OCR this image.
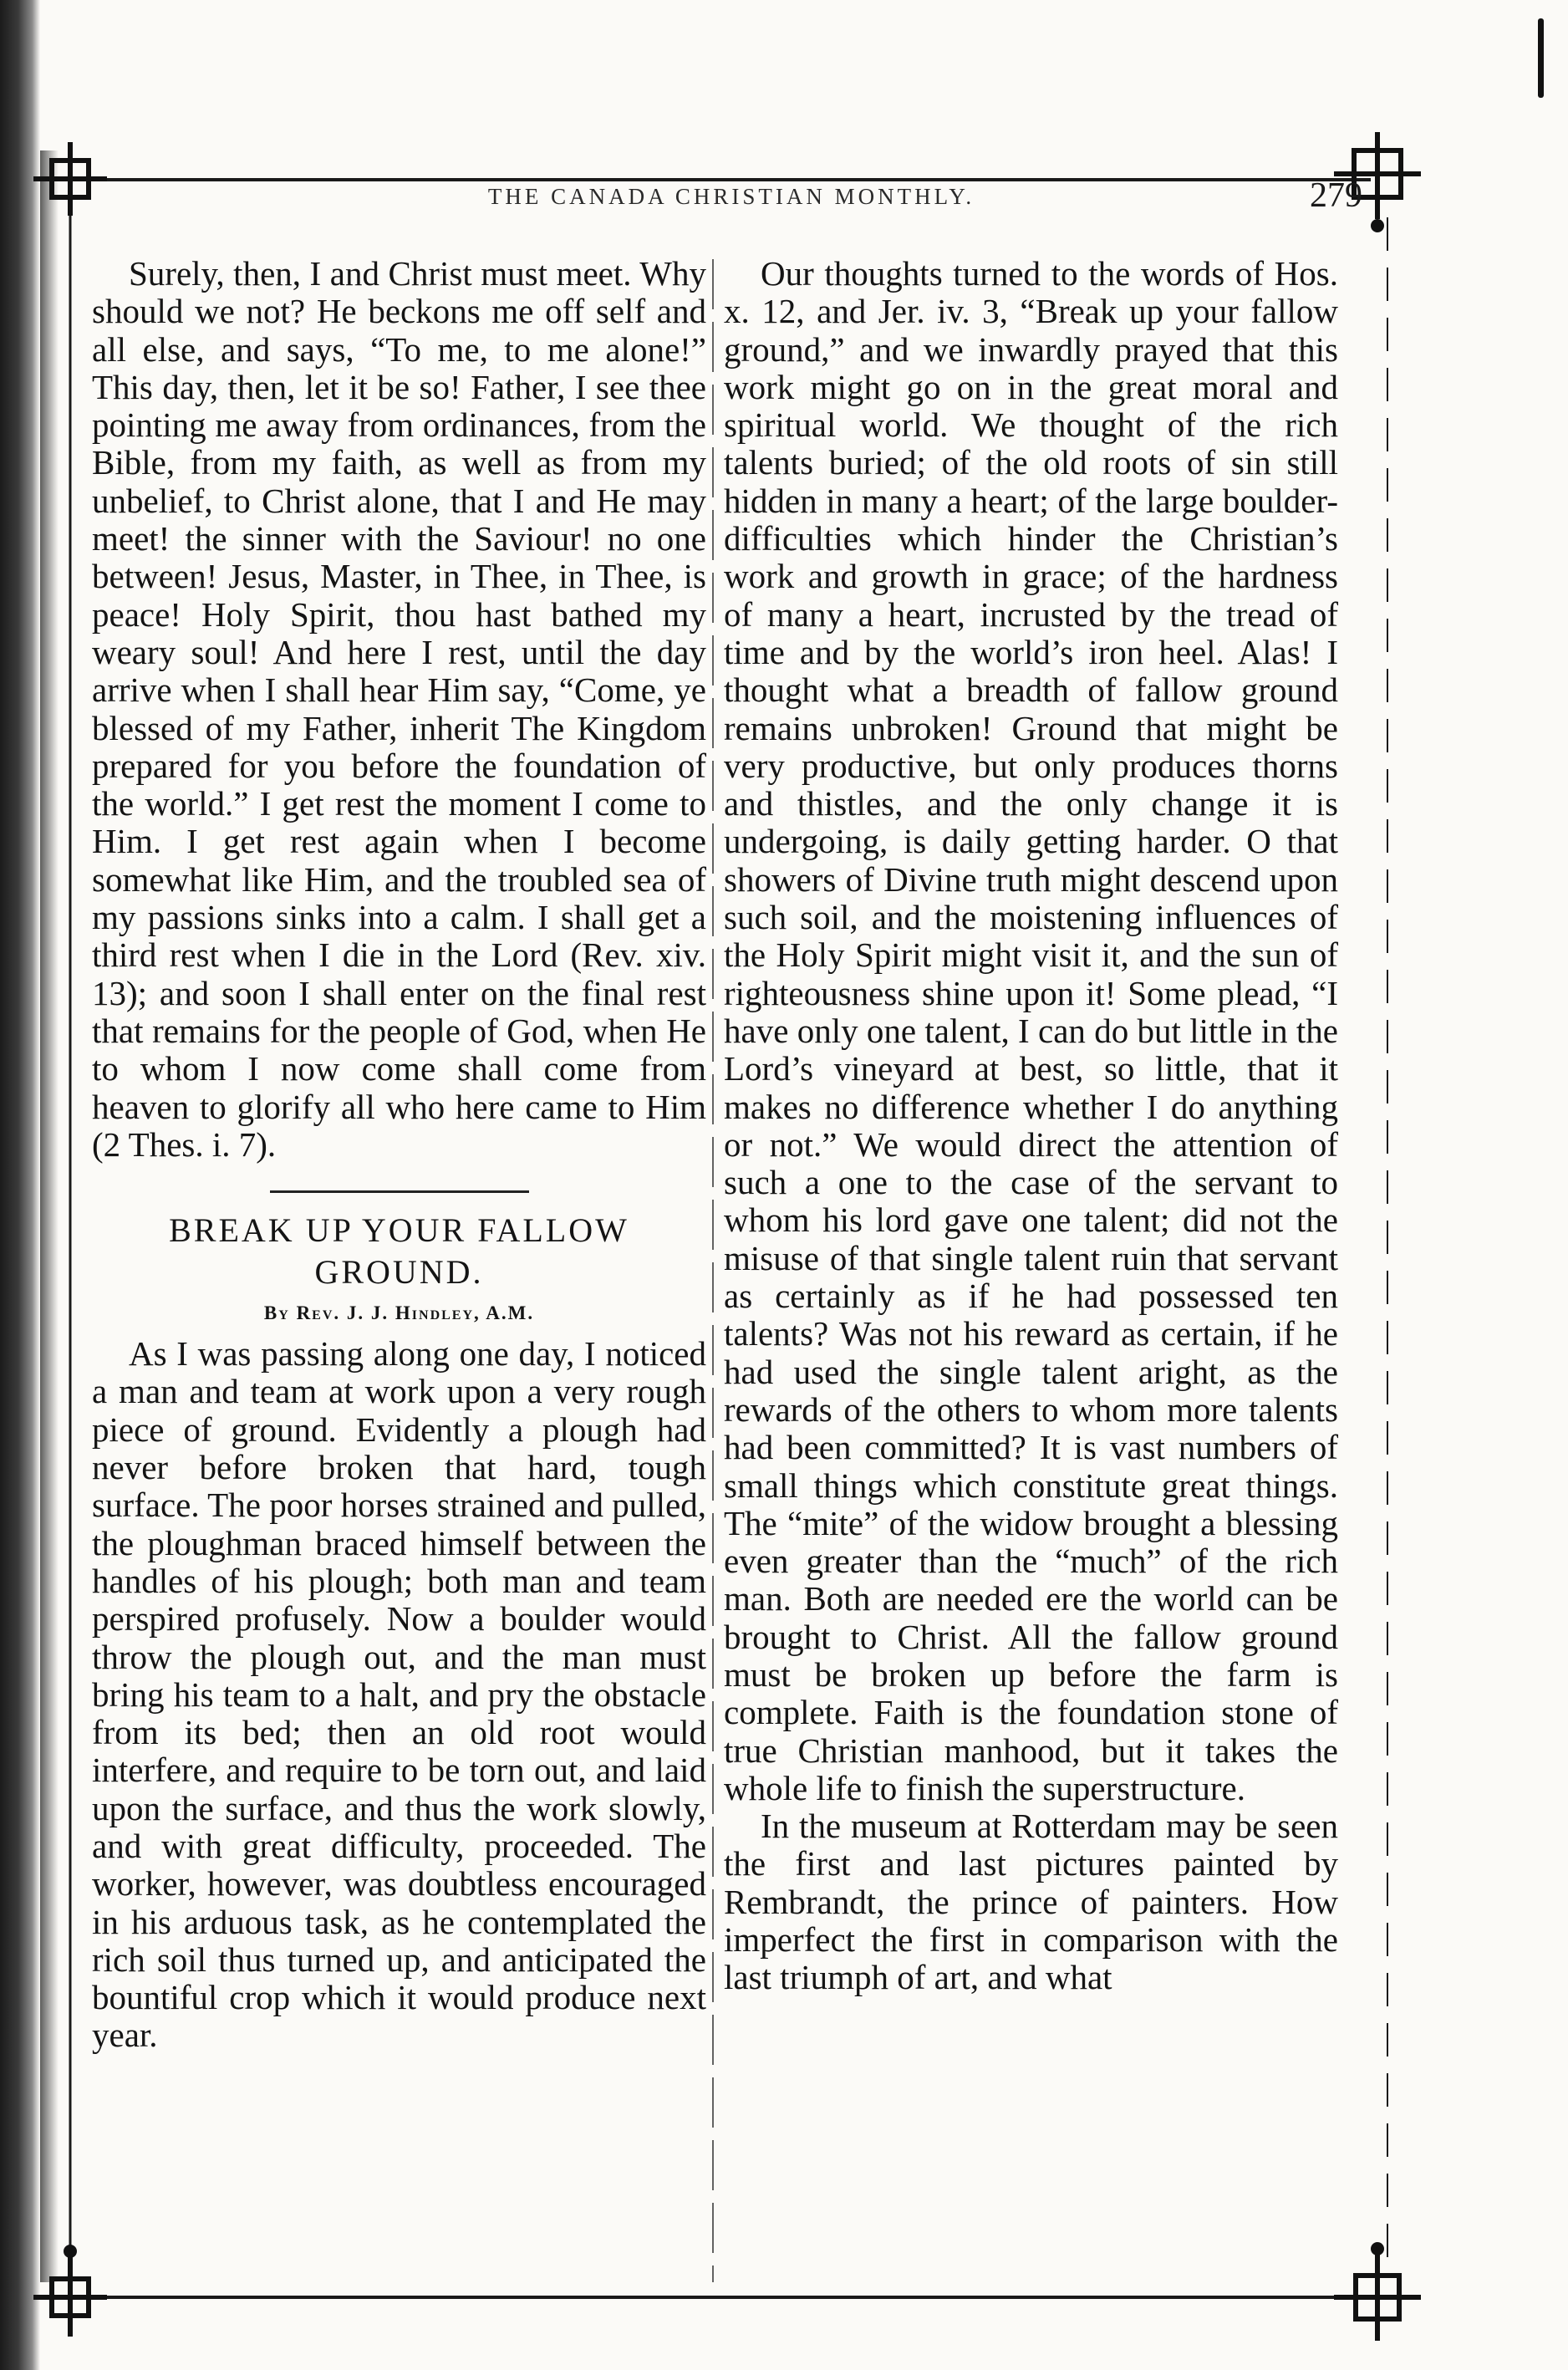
THE CANADA CHRISTIAN MONTHLY.	279

Surely, then, I and Christ must meet. Why should we not? He beckons me off self and all else, and says, “To me, to me alone!” This day, then, let it be so! Father, I see thee pointing me away from ordinances, from the Bible, from my faith, as well as from my unbelief, to Christ alone, that I and He may meet! the sinner with the Saviour! no one between! Jesus, Master, in Thee, in Thee, is peace! Holy Spirit, thou hast bathed my weary soul! And here I rest, until the day arrive when I shall hear Him say, “Come, ye blessed of my Father, inherit The Kingdom prepared for you before the foundation of the world.” I get rest the moment I come to Him. I get rest again when I become somewhat like Him, and the troubled sea of my passions sinks into a calm. I shall get a third rest when I die in the Lord (Rev. xiv. 13); and soon I shall enter on the final rest that remains for the people of God, when He to whom I now come shall come from heaven to glorify all who here came to Him (2 Thes. i. 7).

BREAK UP YOUR FALLOW
GROUND.
By Rev. J. J. Hindley, A.M.

As I was passing along one day, I noticed a man and team at work upon a very rough piece of ground. Evidently a plough had never before broken that hard, tough surface. The poor horses strained and pulled, the ploughman braced himself between the handles of his plough; both man and team perspired profusely. Now a boulder would throw the plough out, and the man must bring his team to a halt, and pry the obstacle from its bed; then an old root would interfere, and require to be torn out, and laid upon the surface, and thus the work slowly, and with great difficulty, proceeded. The worker, however, was doubtless encouraged in his arduous task, as he contemplated the rich soil thus turned up, and anticipated the bountiful crop which it would produce next year.

Our thoughts turned to the words of Hos. x. 12, and Jer. iv. 3, “Break up your fallow ground,” and we inwardly prayed that this work might go on in the great moral and spiritual world. We thought of the rich talents buried; of the old roots of sin still hidden in many a heart; of the large boulder-difficulties which hinder the Christian’s work and growth in grace; of the hardness of many a heart, incrusted by the tread of time and by the world’s iron heel. Alas! I thought what a breadth of fallow ground remains unbroken! Ground that might be very productive, but only produces thorns and thistles, and the only change it is undergoing, is daily getting harder. O that showers of Divine truth might descend upon such soil, and the moistening influences of the Holy Spirit might visit it, and the sun of righteousness shine upon it! Some plead, “I have only one talent, I can do but little in the Lord’s vineyard at best, so little, that it makes no difference whether I do anything or not.” We would direct the attention of such a one to the case of the servant to whom his lord gave one talent; did not the misuse of that single talent ruin that servant as certainly as if he had possessed ten talents? Was not his reward as certain, if he had used the single talent aright, as the rewards of the others to whom more talents had been committed? It is vast numbers of small things which constitute great things. The “mite” of the widow brought a blessing even greater than the “much” of the rich man. Both are needed ere the world can be brought to Christ. All the fallow ground must be broken up before the farm is complete. Faith is the foundation stone of true Christian manhood, but it takes the whole life to finish the superstructure.

In the museum at Rotterdam may be seen the first and last pictures painted by Rembrandt, the prince of painters. How imperfect the first in comparison with the last triumph of art, and what
